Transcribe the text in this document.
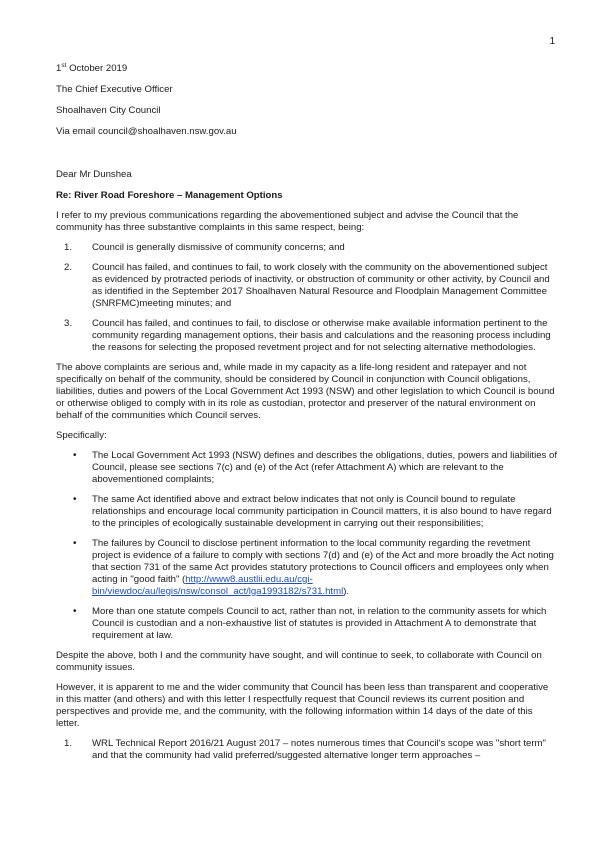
1
1st October 2019
The Chief Executive Officer
Shoalhaven City Council
Via email council@shoalhaven.nsw.gov.au
Dear Mr Dunshea
Re: River Road Foreshore – Management Options

I refer to my previous communications regarding the abovementioned subject and advise the Council that the community has three substantive complaints in this same respect, being:

1. Council is generally dismissive of community concerns; and
2. Council has failed, and continues to fail, to work closely with the community on the abovementioned subject as evidenced by protracted periods of inactivity, or obstruction of community or other activity, by Council and as identified in the September 2017 Shoalhaven Natural Resource and Floodplain Management Committee (SNRFMC)meeting minutes; and
3. Council has failed, and continues to fail, to disclose or otherwise make available information pertinent to the community regarding management options, their basis and calculations and the reasoning process including the reasons for selecting the proposed revetment project and for not selecting alternative methodologies.

The above complaints are serious and, while made in my capacity as a life-long resident and ratepayer and not specifically on behalf of the community, should be considered by Council in conjunction with Council obligations, liabilities, duties and powers of the Local Government Act 1993 (NSW) and other legislation to which Council is bound or otherwise obliged to comply with in its role as custodian, protector and preserver of the natural environment on behalf of the communities which Council serves.

Specifically:

• The Local Government Act 1993 (NSW) defines and describes the obligations, duties, powers and liabilities of Council, please see sections 7(c) and (e) of the Act (refer Attachment A) which are relevant to the abovementioned complaints;
• The same Act identified above and extract below indicates that not only is Council bound to regulate relationships and encourage local community participation in Council matters, it is also bound to have regard to the principles of ecologically sustainable development in carrying out their responsibilities;
• The failures by Council to disclose pertinent information to the local community regarding the revetment project is evidence of a failure to comply with sections 7(d) and (e) of the Act and more broadly the Act noting that section 731 of the same Act provides statutory protections to Council officers and employees only when acting in "good faith" (http://www8.austlii.edu.au/cgi-bin/viewdoc/au/legis/nsw/consol_act/lga1993182/s731.html).
• More than one statute compels Council to act, rather than not, in relation to the community assets for which Council is custodian and a non-exhaustive list of statutes is provided in Attachment A to demonstrate that requirement at law.

Despite the above, both I and the community have sought, and will continue to seek, to collaborate with Council on community issues.

However, it is apparent to me and the wider community that Council has been less than transparent and cooperative in this matter (and others) and with this letter I respectfully request that Council reviews its current position and perspectives and provide me, and the community, with the following information within 14 days of the date of this letter.

1. WRL Technical Report 2016/21 August 2017 – notes numerous times that Council's scope was "short term" and that the community had valid preferred/suggested alternative longer term approaches –
